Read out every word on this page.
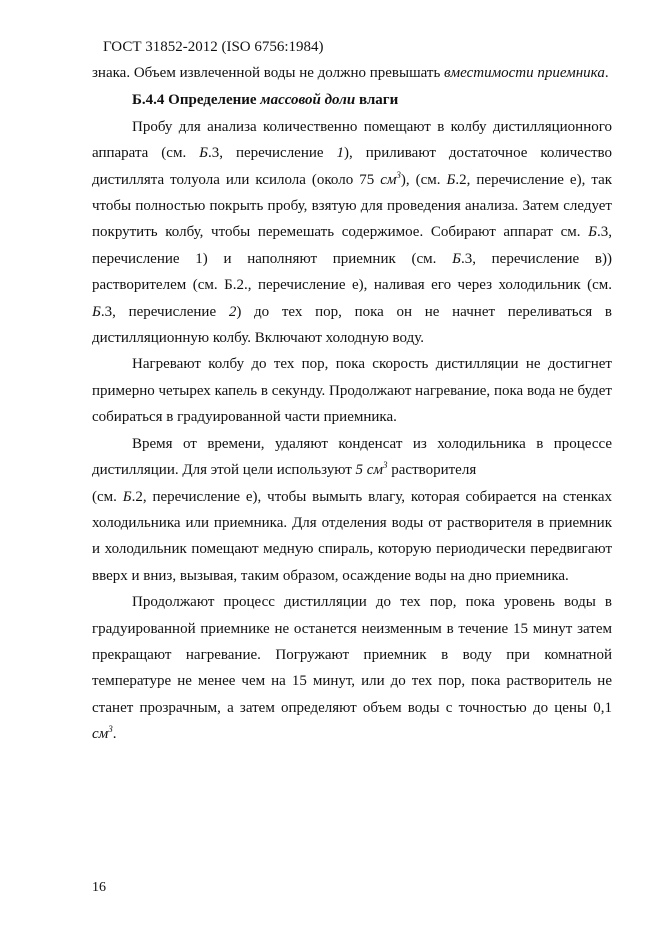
ГОСТ 31852-2012 (ISO 6756:1984)

знака. Объем извлеченной воды не должно превышать вместимости приемника.

Б.4.4 Определение массовой доли влаги

Пробу для анализа количественно помещают в колбу дистилляционного аппарата (см. Б.3, перечисление 1), приливают достаточное количество дистиллята толуола или ксилола (около 75 $см^3$), (см. Б.2, перечисление е), так чтобы полностью покрыть пробу, взятую для проведения анализа. Затем следует покрутить колбу, чтобы перемешать содержимое. Собирают аппарат см. Б.3, перечисление 1) и наполняют приемник (см. Б.3, перечисление в)) растворителем (см. Б.2., перечисление е), наливая его через холодильник (см. Б.3, перечисление 2) до тех пор, пока он не начнет переливаться в дистилляционную колбу. Включают холодную воду.

Нагревают колбу до тех пор, пока скорость дистилляции не достигнет примерно четырех капель в секунду. Продолжают нагревание, пока вода не будет собираться в градуированной части приемника.

Время от времени, удаляют конденсат из холодильника в процессе дистилляции. Для этой цели используют 5 $см^3$ растворителя

(см. Б.2, перечисление е), чтобы вымыть влагу, которая собирается на стенках холодильника или приемника. Для отделения воды от растворителя в приемник и холодильник помещают медную спираль, которую периодически передвигают вверх и вниз, вызывая, таким образом, осаждение воды на дно приемника.

Продолжают процесс дистилляции до тех пор, пока уровень воды в градуированной приемнике не останется неизменным в течение 15 минут затем прекращают нагревание. Погружают приемник в воду при комнатной температуре не менее чем на 15 минут, или до тех пор, пока растворитель не станет прозрачным, а затем определяют объем воды с точностью до цены 0,1 $см^3$.

16
